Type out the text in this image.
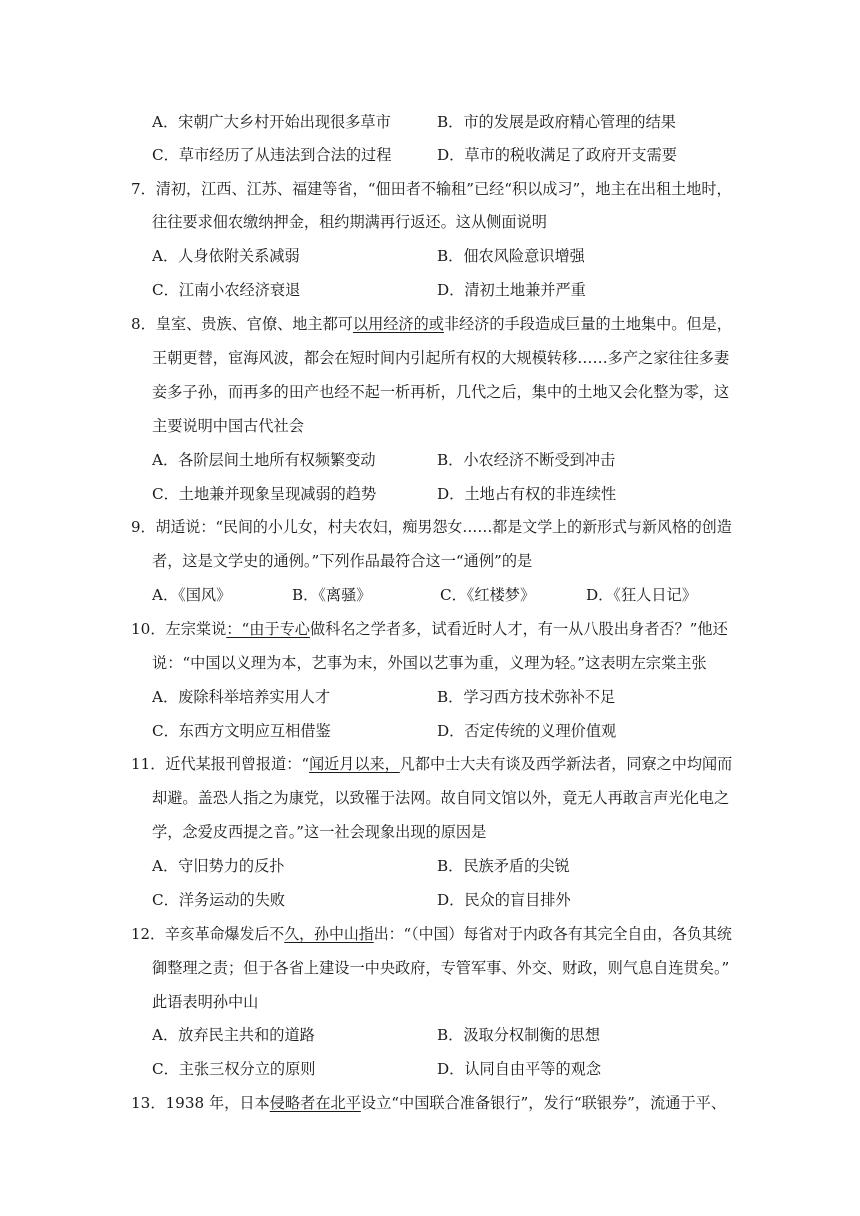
A．宋朝广大乡村开始出现很多草市	B．市的发展是政府精心管理的结果
C．草市经历了从违法到合法的过程	D．草市的税收满足了政府开支需要
7．清初，江西、江苏、福建等省，“佃田者不输租”已经“积以成习”，地主在出租土地时，
往往要求佃农缴纳押金，租约期满再行返还。这从侧面说明
A．人身依附关系减弱	B．佃农风险意识增强
C．江南小农经济衰退	D．清初土地兼并严重
8．皇室、贵族、官僚、地主都可以用经济的或非经济的手段造成巨量的土地集中。但是，
王朝更替，宦海风波，都会在短时间内引起所有权的大规模转移……多产之家往往多妻
妾多子孙，而再多的田产也经不起一析再析，几代之后，集中的土地又会化整为零，这
主要说明中国古代社会
A．各阶层间土地所有权频繁变动	B．小农经济不断受到冲击
C．土地兼并现象呈现减弱的趋势	D．土地占有权的非连续性
9．胡适说：“民间的小儿女，村夫农妇，痴男怨女……都是文学上的新形式与新风格的创造
者，这是文学史的通例。”下列作品最符合这一“通例”的是
A．《国风》	B．《离骚》	C．《红楼梦》	D．《狂人日记》
10．左宗棠说：“由于专心做科名之学者多，试看近时人才，有一从八股出身者否？”他还
说：“中国以义理为本，艺事为末，外国以艺事为重，义理为轻。”这表明左宗棠主张
A．废除科举培养实用人才	B．学习西方技术弥补不足
C．东西方文明应互相借鉴	D．否定传统的义理价值观
11．近代某报刊曾报道：“闻近月以来，凡都中士大夫有谈及西学新法者，同寮之中均闻而
却避。盖恐人指之为康党，以致罹于法网。故自同文馆以外，竟无人再敢言声光化电之
学，念爱皮西提之音。”这一社会现象出现的原因是
A．守旧势力的反扑	B．民族矛盾的尖锐
C．洋务运动的失败	D．民众的盲目排外
12．辛亥革命爆发后不久，孙中山指出：“（中国）每省对于内政各有其完全自由，各负其统
御整理之责；但于各省上建设一中央政府，专管军事、外交、财政，则气息自连贯矣。”
此语表明孙中山
A．放弃民主共和的道路	B．汲取分权制衡的思想
C．主张三权分立的原则	D．认同自由平等的观念
13．1938 年，日本侵略者在北平设立“中国联合准备银行”，发行“联银券”，流通于平、
